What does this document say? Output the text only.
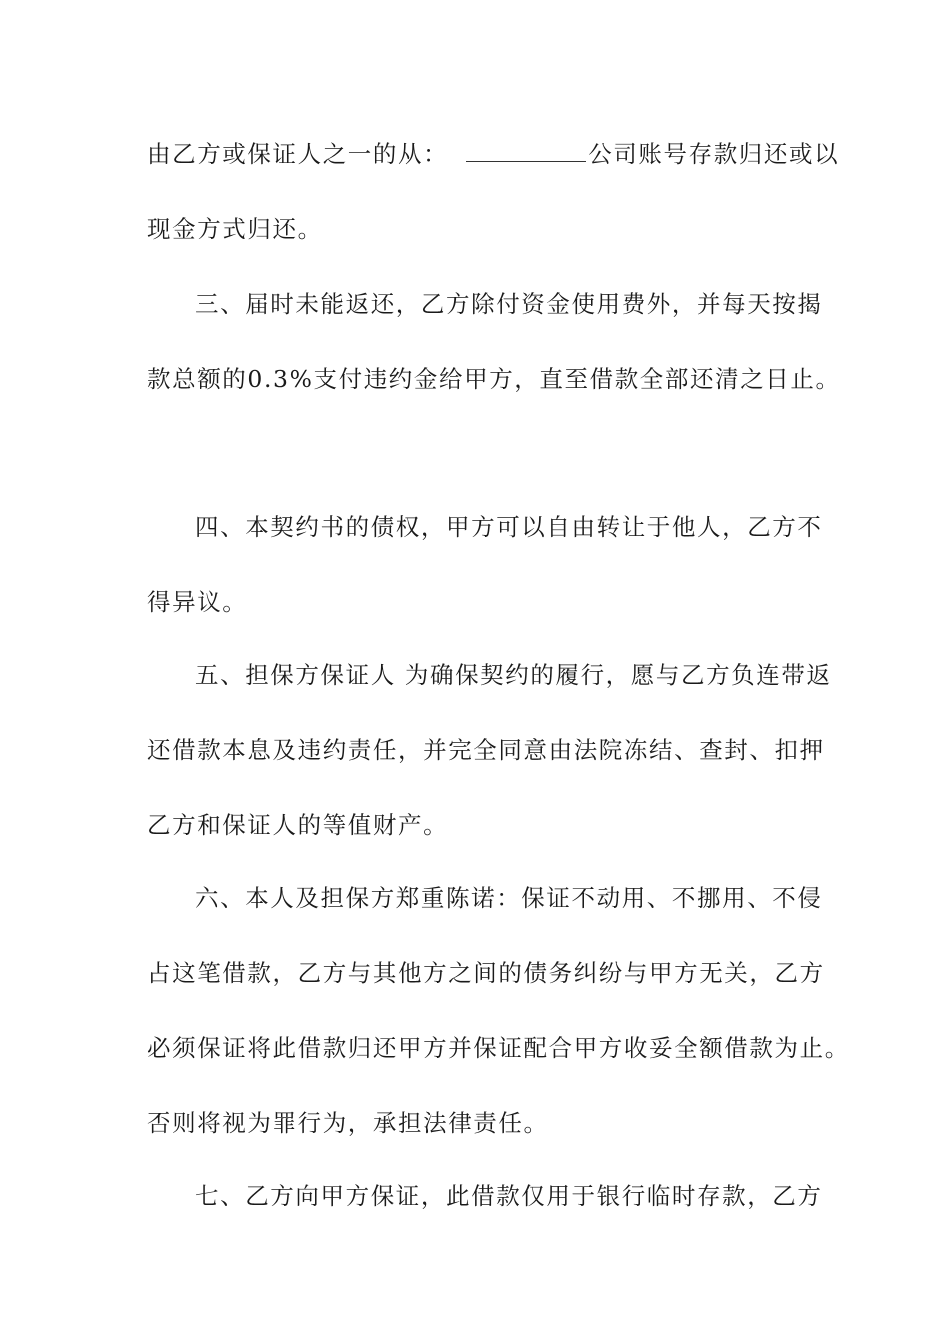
由乙方或保证人之一的从：	公司账号存款归还或以
现金方式归还。
三、届时未能返还，乙方除付资金使用费外，并每天按揭
款总额的0.3%支付违约金给甲方，直至借款全部还清之日止。
四、本契约书的债权，甲方可以自由转让于他人，乙方不
得异议。
五、担保方保证人 为确保契约的履行，愿与乙方负连带返
还借款本息及违约责任，并完全同意由法院冻结、查封、扣押
乙方和保证人的等值财产。
六、本人及担保方郑重陈诺：保证不动用、不挪用、不侵
占这笔借款，乙方与其他方之间的债务纠纷与甲方无关，乙方
必须保证将此借款归还甲方并保证配合甲方收妥全额借款为止。
否则将视为罪行为，承担法律责任。
七、乙方向甲方保证，此借款仅用于银行临时存款，乙方
